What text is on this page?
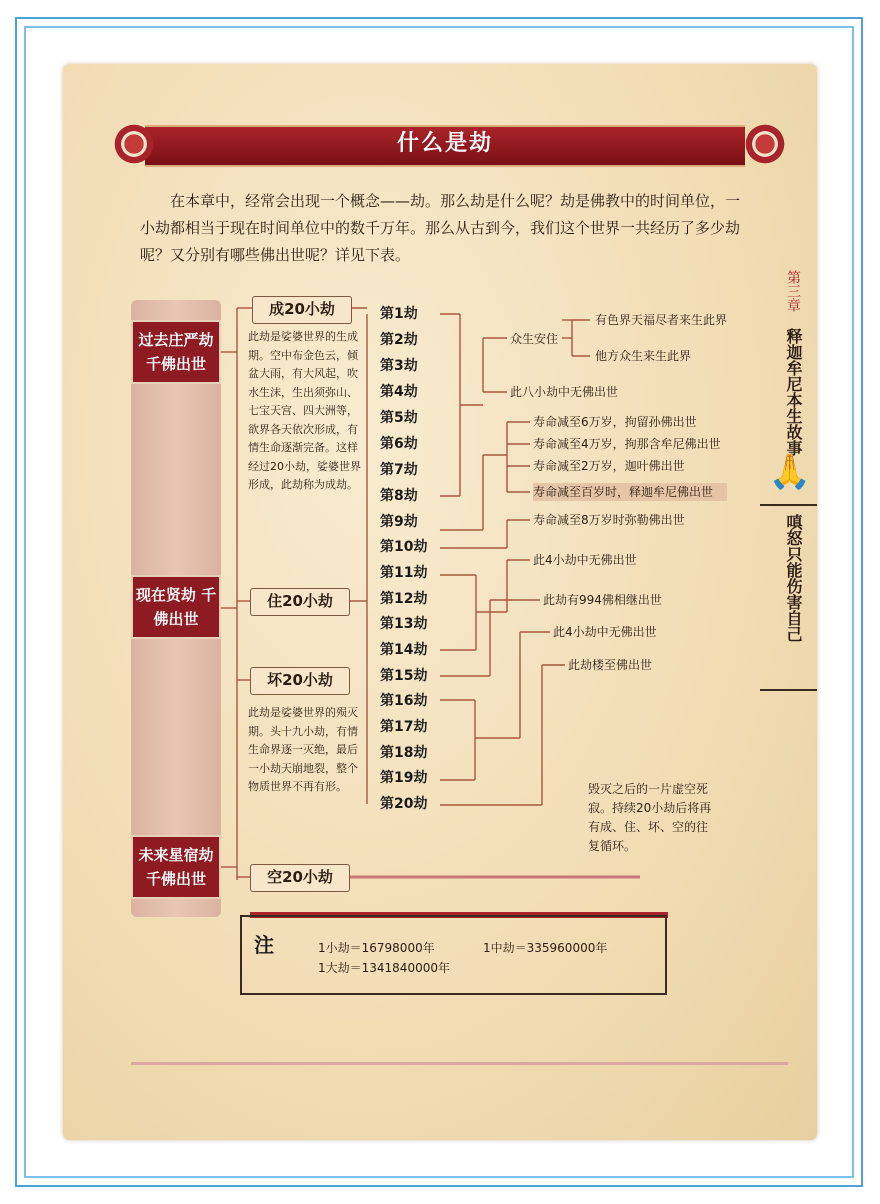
什么是劫

在本章中，经常会出现一个概念——劫。那么劫是什么呢？劫是佛教中的时间单位，一小劫都相当于现在时间单位中的数千万年。那么从古到今，我们这个世界一共经历了多少劫呢？又分别有哪些佛出世呢？详见下表。

第三章
释迦牟尼本生故事
🙏
嗔怒只能伤害自己
过去庄严劫 千佛出世
现在贤劫 千佛出世
未来星宿劫 千佛出世
成20小劫
住20小劫
坏20小劫
空20小劫
此劫是娑婆世界的生成期。空中布金色云，倾盆大雨，有大风起，吹水生沫，生出须弥山、七宝天宫、四大洲等，欲界各天依次形成，有情生命逐渐完备。这样经过20小劫，娑婆世界形成，此劫称为成劫。
此劫是娑婆世界的殒灭期。头十九小劫，有情生命界逐一灭绝，最后一小劫天崩地裂，整个物质世界不再有形。	毁灭之后的一片虚空死寂。持续20小劫后将再有成、住、坏、空的往复循环。
第1劫
第2劫
第3劫
第4劫
第5劫
第6劫
第7劫
第8劫
第9劫
第10劫
第11劫
第12劫
第13劫
第14劫
第15劫
第16劫
第17劫
第18劫
第19劫
第20劫
众生安住
有色界天福尽者来生此界
他方众生来生此界
此八小劫中无佛出世
寿命减至6万岁，拘留孙佛出世
寿命减至4万岁，拘那含牟尼佛出世
寿命减至2万岁，迦叶佛出世
寿命减至百岁时，释迦牟尼佛出世
寿命减至8万岁时弥勒佛出世
此4小劫中无佛出世
此劫有994佛相继出世
此4小劫中无佛出世
此劫楼至佛出世
注	1小劫＝16798000年	1中劫＝335960000年
1大劫＝1341840000年
